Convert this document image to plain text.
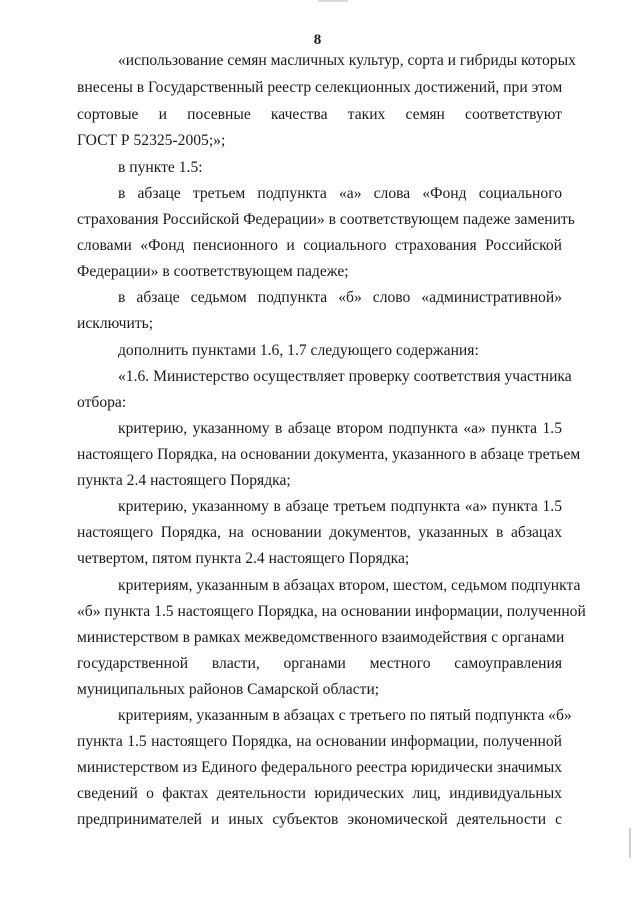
8
«использование семян масличных культур, сорта и гибриды которых
внесены в Государственный реестр селекционных достижений, при этом
сортовые и посевные качества таких семян соответствуют
ГОСТ Р 52325-2005;»;
в пункте 1.5:
в абзаце третьем подпункта «а» слова «Фонд социального
страхования Российской Федерации» в соответствующем падеже заменить
словами «Фонд пенсионного и социального страхования Российской
Федерации» в соответствующем падеже;
в абзаце седьмом подпункта «б» слово «административной»
исключить;
дополнить пунктами 1.6, 1.7 следующего содержания:
«1.6. Министерство осуществляет проверку соответствия участника
отбора:
критерию, указанному в абзаце втором подпункта «а» пункта 1.5
настоящего Порядка, на основании документа, указанного в абзаце третьем
пункта 2.4 настоящего Порядка;
критерию, указанному в абзаце третьем подпункта «а» пункта 1.5
настоящего Порядка, на основании документов, указанных в абзацах
четвертом, пятом пункта 2.4 настоящего Порядка;
критериям, указанным в абзацах втором, шестом, седьмом подпункта
«б» пункта 1.5 настоящего Порядка, на основании информации, полученной
министерством в рамках межведомственного взаимодействия с органами
государственной власти, органами местного самоуправления
муниципальных районов Самарской области;
критериям, указанным в абзацах с третьего по пятый подпункта «б»
пункта 1.5 настоящего Порядка, на основании информации, полученной
министерством из Единого федерального реестра юридически значимых
сведений о фактах деятельности юридических лиц, индивидуальных
предпринимателей и иных субъектов экономической деятельности с
